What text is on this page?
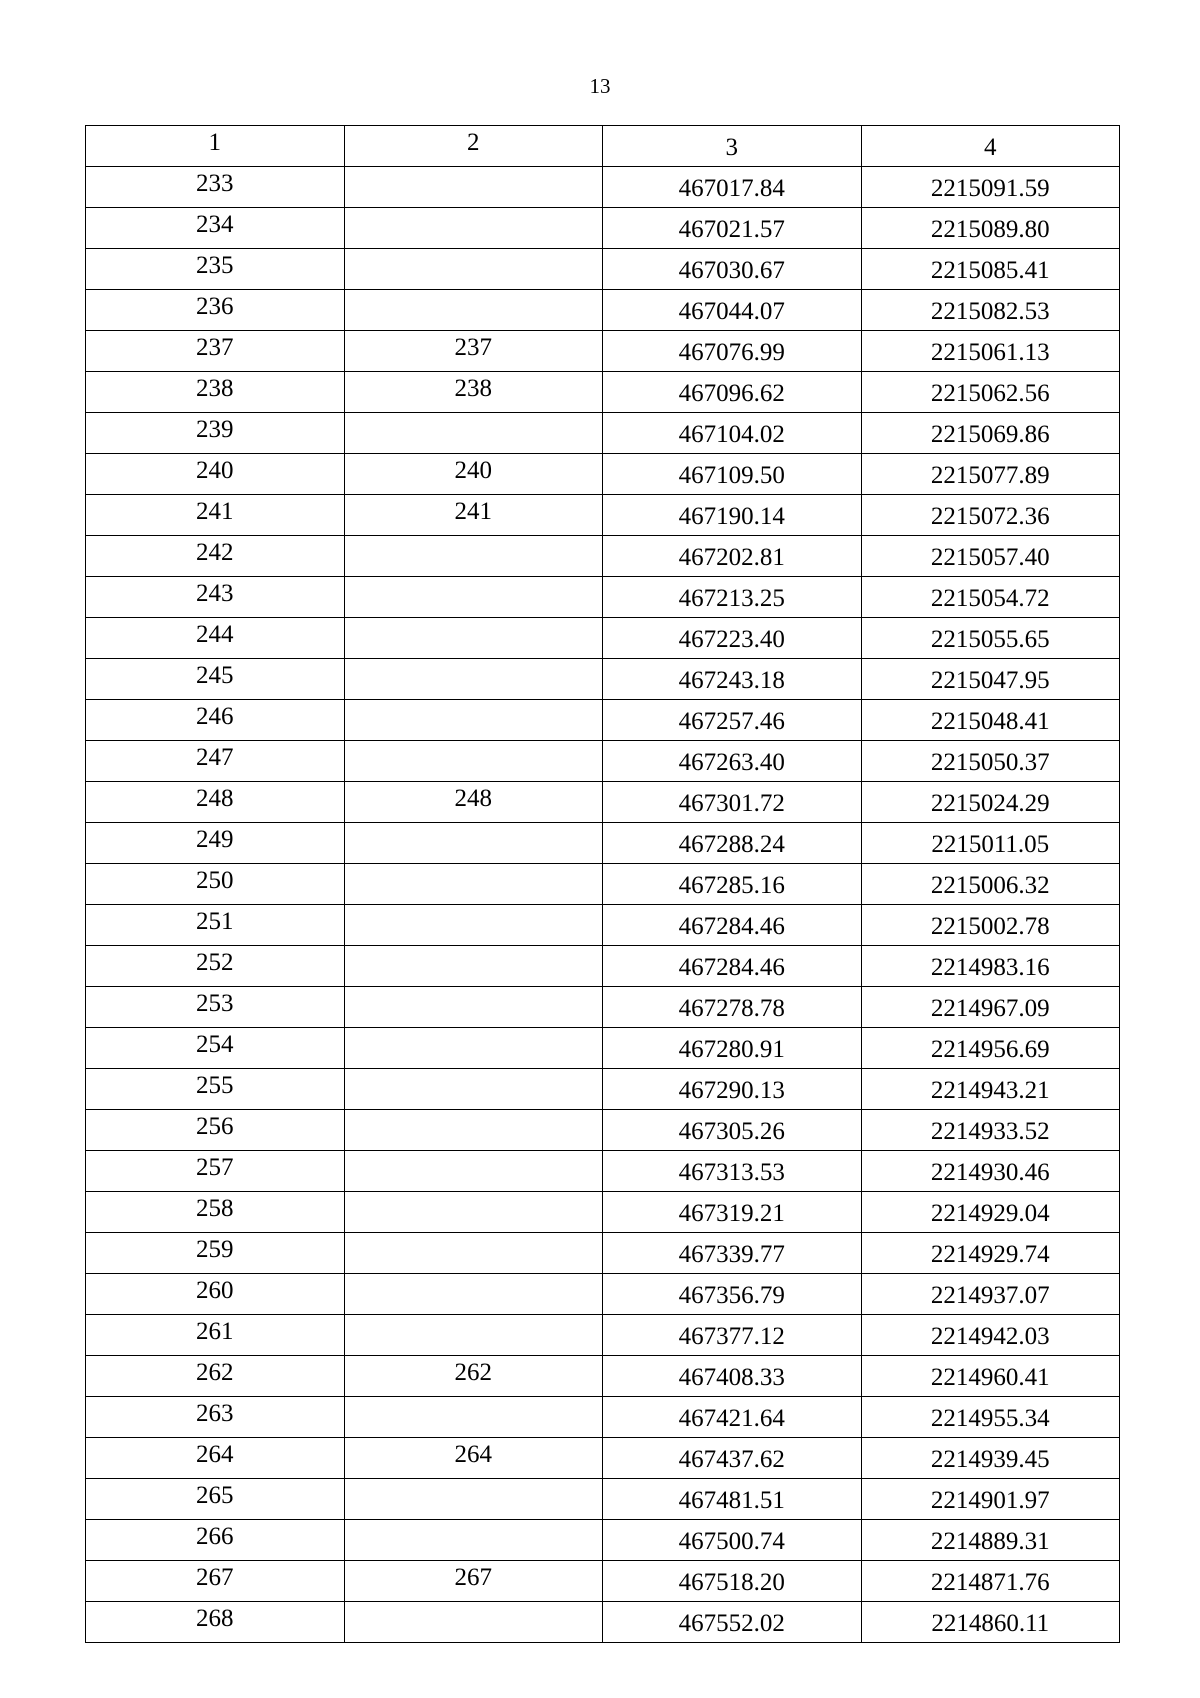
13
1	2	3	4
233		467017.84	2215091.59
234		467021.57	2215089.80
235		467030.67	2215085.41
236		467044.07	2215082.53
237	237	467076.99	2215061.13
238	238	467096.62	2215062.56
239		467104.02	2215069.86
240	240	467109.50	2215077.89
241	241	467190.14	2215072.36
242		467202.81	2215057.40
243		467213.25	2215054.72
244		467223.40	2215055.65
245		467243.18	2215047.95
246		467257.46	2215048.41
247		467263.40	2215050.37
248	248	467301.72	2215024.29
249		467288.24	2215011.05
250		467285.16	2215006.32
251		467284.46	2215002.78
252		467284.46	2214983.16
253		467278.78	2214967.09
254		467280.91	2214956.69
255		467290.13	2214943.21
256		467305.26	2214933.52
257		467313.53	2214930.46
258		467319.21	2214929.04
259		467339.77	2214929.74
260		467356.79	2214937.07
261		467377.12	2214942.03
262	262	467408.33	2214960.41
263		467421.64	2214955.34
264	264	467437.62	2214939.45
265		467481.51	2214901.97
266		467500.74	2214889.31
267	267	467518.20	2214871.76
268		467552.02	2214860.11
